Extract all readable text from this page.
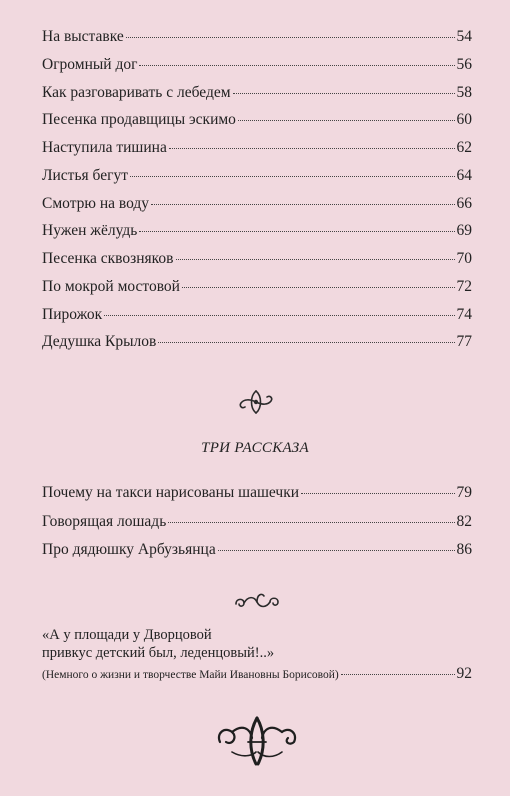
На выставке	54
Огромный дог	56
Как разговаривать с лебедем	58
Песенка продавщицы эскимо	60
Наступила тишина	62
Листья бегут	64
Смотрю на воду	66
Нужен жёлудь	69
Песенка сквозняков	70
По мокрой мостовой	72
Пирожок	74
Дедушка Крылов	77
ТРИ РАССКАЗА
Почему на такси нарисованы шашечки	79
Говорящая лошадь	82
Про дядюшку Арбузьянца	86
«А у площади у Дворцовой
привкус детский был, леденцовый!..»
(Немного о жизни и творчестве Майи Ивановны Борисовой)	92
